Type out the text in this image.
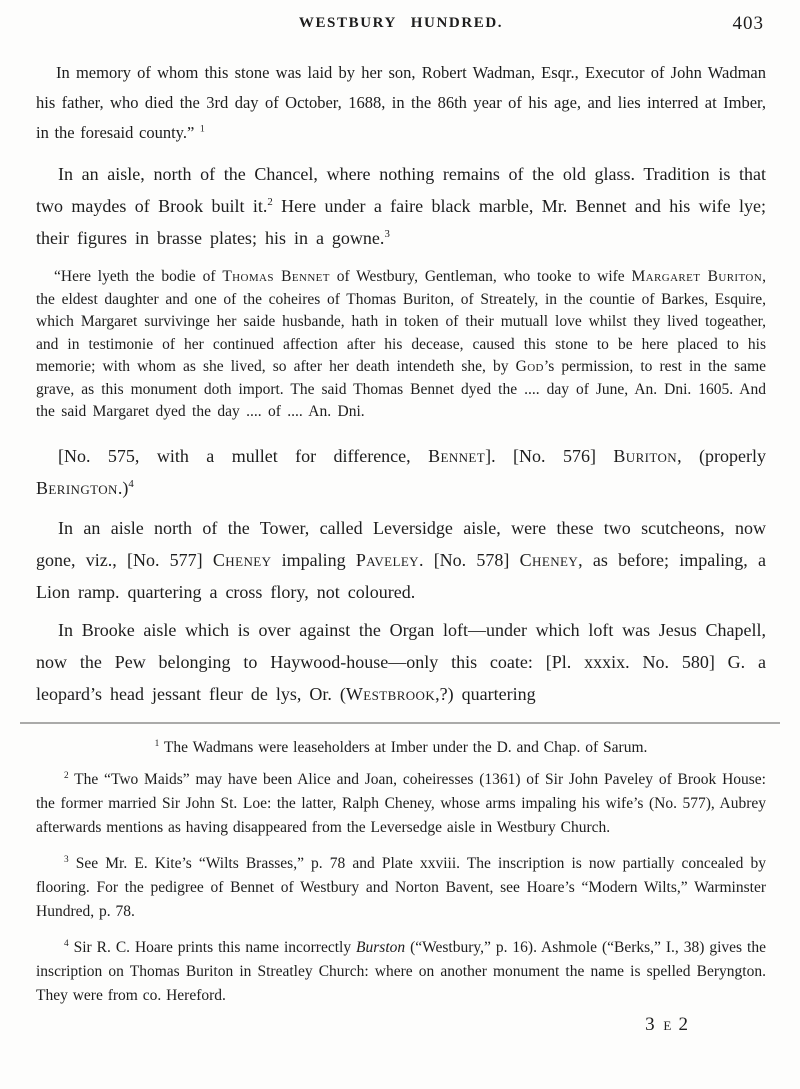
WESTBURY HUNDRED.	403

In memory of whom this stone was laid by her son, Robert Wadman, Esqr., Executor of John Wadman his father, who died the 3rd day of October, 1688, in the 86th year of his age, and lies interred at Imber, in the foresaid county.” $^1$

In an aisle, north of the Chancel, where nothing remains of the old glass. Tradition is that two maydes of Brook built it.$^2$ Here under a faire black marble, Mr. Bennet and his wife lye; their figures in brasse plates; his in a gowne.$^3$

“Here lyeth the bodie of Thomas Bennet of Westbury, Gentleman, who tooke to wife Margaret Buriton, the eldest daughter and one of the coheires of Thomas Buriton, of Streately, in the countie of Barkes, Esquire, which Margaret survivinge her saide husbande, hath in token of their mutuall love whilst they lived togeather, and in testimonie of her continued affection after his decease, caused this stone to be here placed to his memorie; with whom as she lived, so after her death intendeth she, by God’s permission, to rest in the same grave, as this monument doth import. The said Thomas Bennet dyed the .... day of June, An. Dni. 1605. And the said Margaret dyed the day .... of .... An. Dni.

[No. 575, with a mullet for difference, Bennet]. [No. 576] Buriton, (properly Berington.)$^4$

In an aisle north of the Tower, called Leversidge aisle, were these two scutcheons, now gone, viz., [No. 577] Cheney impaling Paveley. [No. 578] Cheney, as before; impaling, a Lion ramp. quartering a cross flory, not coloured.

In Brooke aisle which is over against the Organ loft—under which loft was Jesus Chapell, now the Pew belonging to Haywood-house—only this coate: [Pl. xxxix. No. 580] G. a leopard’s head jessant fleur de lys, Or. (Westbrook,?) quartering

$^1$ The Wadmans were leaseholders at Imber under the D. and Chap. of Sarum.

$^2$ The “Two Maids” may have been Alice and Joan, coheiresses (1361) of Sir John Paveley of Brook House: the former married Sir John St. Loe: the latter, Ralph Cheney, whose arms impaling his wife’s (No. 577), Aubrey afterwards mentions as having disappeared from the Leversedge aisle in Westbury Church.

$^3$ See Mr. E. Kite’s “Wilts Brasses,” p. 78 and Plate xxviii. The inscription is now partially concealed by flooring. For the pedigree of Bennet of Westbury and Norton Bavent, see Hoare’s “Modern Wilts,” Warminster Hundred, p. 78.

$^4$ Sir R. C. Hoare prints this name incorrectly Burston (“Westbury,” p. 16). Ashmole (“Berks,” I., 38) gives the inscription on Thomas Buriton in Streatley Church: where on another monument the name is spelled Beryngton. They were from co. Hereford.

3 e 2
